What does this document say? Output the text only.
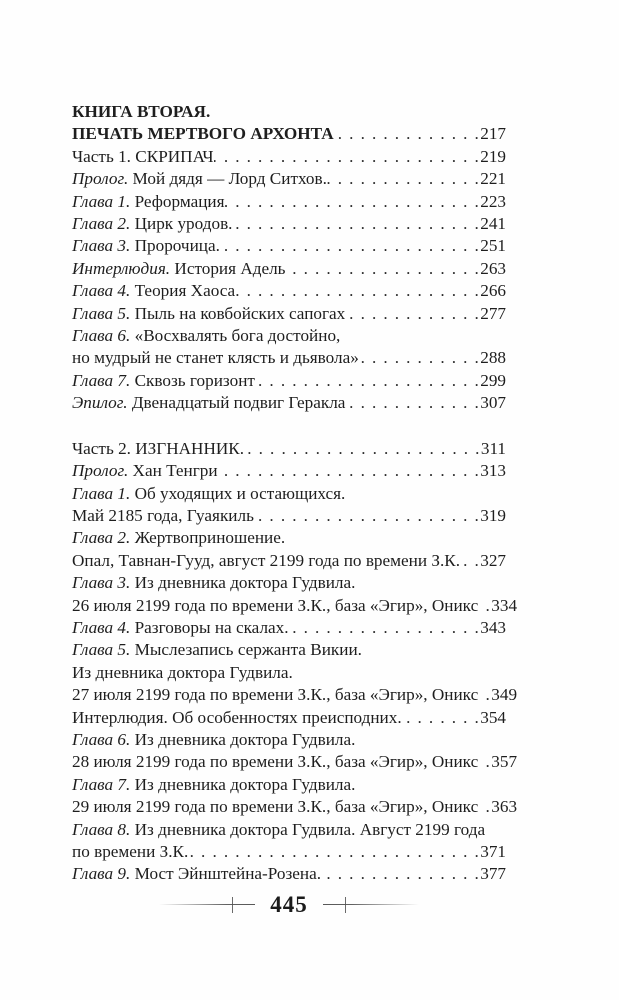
КНИГА ВТОРАЯ.
ПЕЧАТЬ МЕРТВОГО АРХОНТА . . .	217
Часть 1. СКРИПАЧ . . .	219
Пролог. Мой дядя — Лорд Ситхов. . . .	221
Глава 1. Реформация . . .	223
Глава 2. Цирк уродов. . . .	241
Глава 3. Пророчица. . . .	251
Интерлюдия. История Адель . . .	263
Глава 4. Теория Хаоса . . .	266
Глава 5. Пыль на ковбойских сапогах . . .	277
Глава 6. «Восхвалять бога достойно,
но мудрый не станет клясть и дьявола» . . .	288
Глава 7. Сквозь горизонт . . .	299
Эпилог. Двенадцатый подвиг Геракла . . .	307
Часть 2. ИЗГНАННИК. . . .	311
Пролог. Хан Тенгри . . .	313
Глава 1. Об уходящих и остающихся.
Май 2185 года, Гуаякиль . . .	319
Глава 2. Жертвоприношение.
Опал, Тавнан-Гууд, август 2199 года по времени З.К. . . . 327
Глава 3. Из дневника доктора Гудвила.
26 июля 2199 года по времени З.К., база «Эгир», Оникс . . . 334
Глава 4. Разговоры на скалах. . . .	343
Глава 5. Мыслезапись сержанта Викии.
Из дневника доктора Гудвила.
27 июля 2199 года по времени З.К., база «Эгир», Оникс . . . 349
Интерлюдия. Об особенностях преисподних. . . .	354
Глава 6. Из дневника доктора Гудвила.
28 июля 2199 года по времени З.К., база «Эгир», Оникс . . . 357
Глава 7. Из дневника доктора Гудвила.
29 июля 2199 года по времени З.К., база «Эгир», Оникс . . . 363
Глава 8. Из дневника доктора Гудвила. Август 2199 года
по времени З.К. . . .	371
Глава 9. Мост Эйнштейна-Розена. . . .	377
445
